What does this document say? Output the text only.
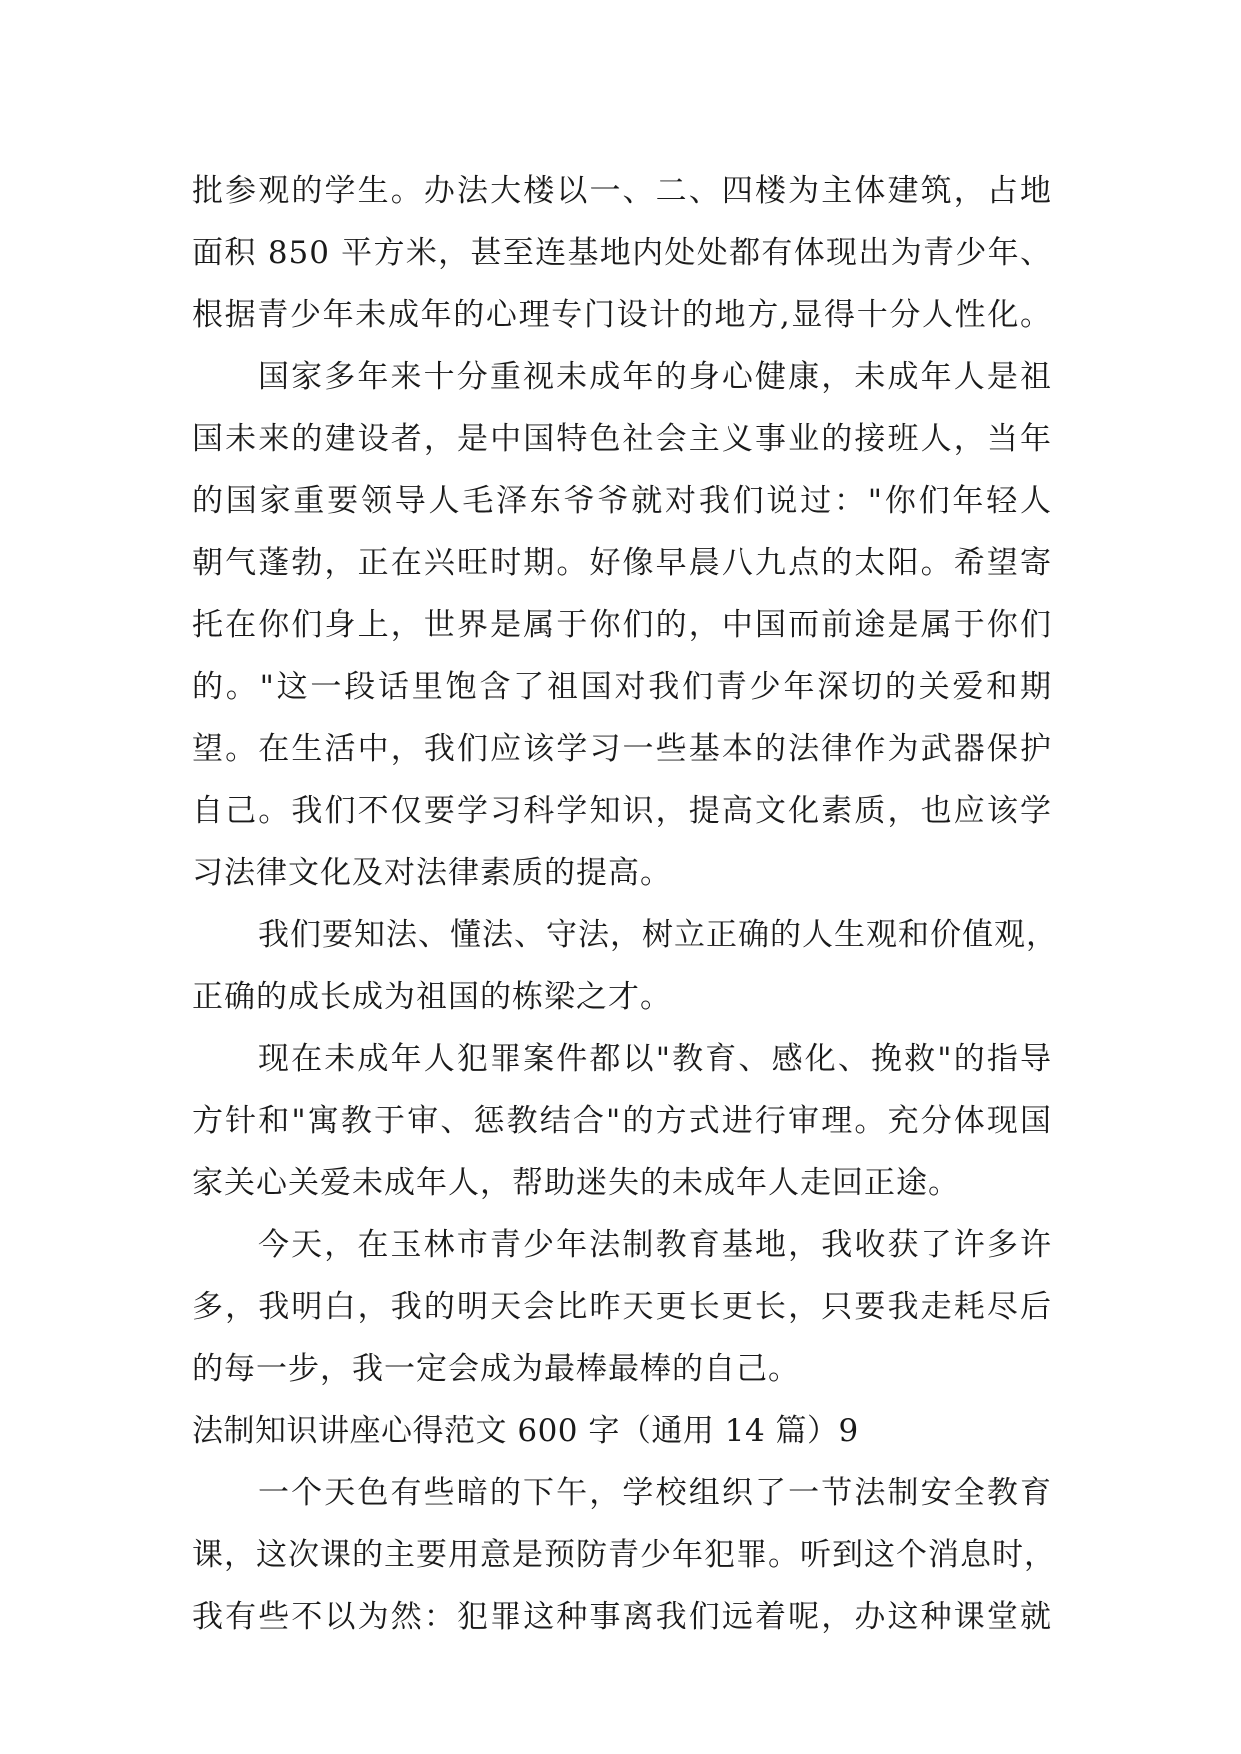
批参观的学生。办法大楼以一、二、四楼为主体建筑，占地
面积 850 平方米，甚至连基地内处处都有体现出为青少年、
根据青少年未成年的心理专门设计的地方,显得十分人性化。
国家多年来十分重视未成年的身心健康，未成年人是祖
国未来的建设者，是中国特色社会主义事业的接班人，当年
的国家重要领导人毛泽东爷爷就对我们说过："你们年轻人
朝气蓬勃，正在兴旺时期。好像早晨八九点的太阳。希望寄
托在你们身上，世界是属于你们的，中国而前途是属于你们
的。"这一段话里饱含了祖国对我们青少年深切的关爱和期
望。在生活中，我们应该学习一些基本的法律作为武器保护
自己。我们不仅要学习科学知识，提高文化素质，也应该学
习法律文化及对法律素质的提高。
我们要知法、懂法、守法，树立正确的人生观和价值观，
正确的成长成为祖国的栋梁之才。
现在未成年人犯罪案件都以"教育、感化、挽救"的指导
方针和"寓教于审、惩教结合"的方式进行审理。充分体现国
家关心关爱未成年人，帮助迷失的未成年人走回正途。
今天，在玉林市青少年法制教育基地，我收获了许多许
多，我明白，我的明天会比昨天更长更长，只要我走耗尽后
的每一步，我一定会成为最棒最棒的自己。
法制知识讲座心得范文 600 字（通用 14 篇）9
一个天色有些暗的下午，学校组织了一节法制安全教育
课，这次课的主要用意是预防青少年犯罪。听到这个消息时，
我有些不以为然：犯罪这种事离我们远着呢，办这种课堂就
